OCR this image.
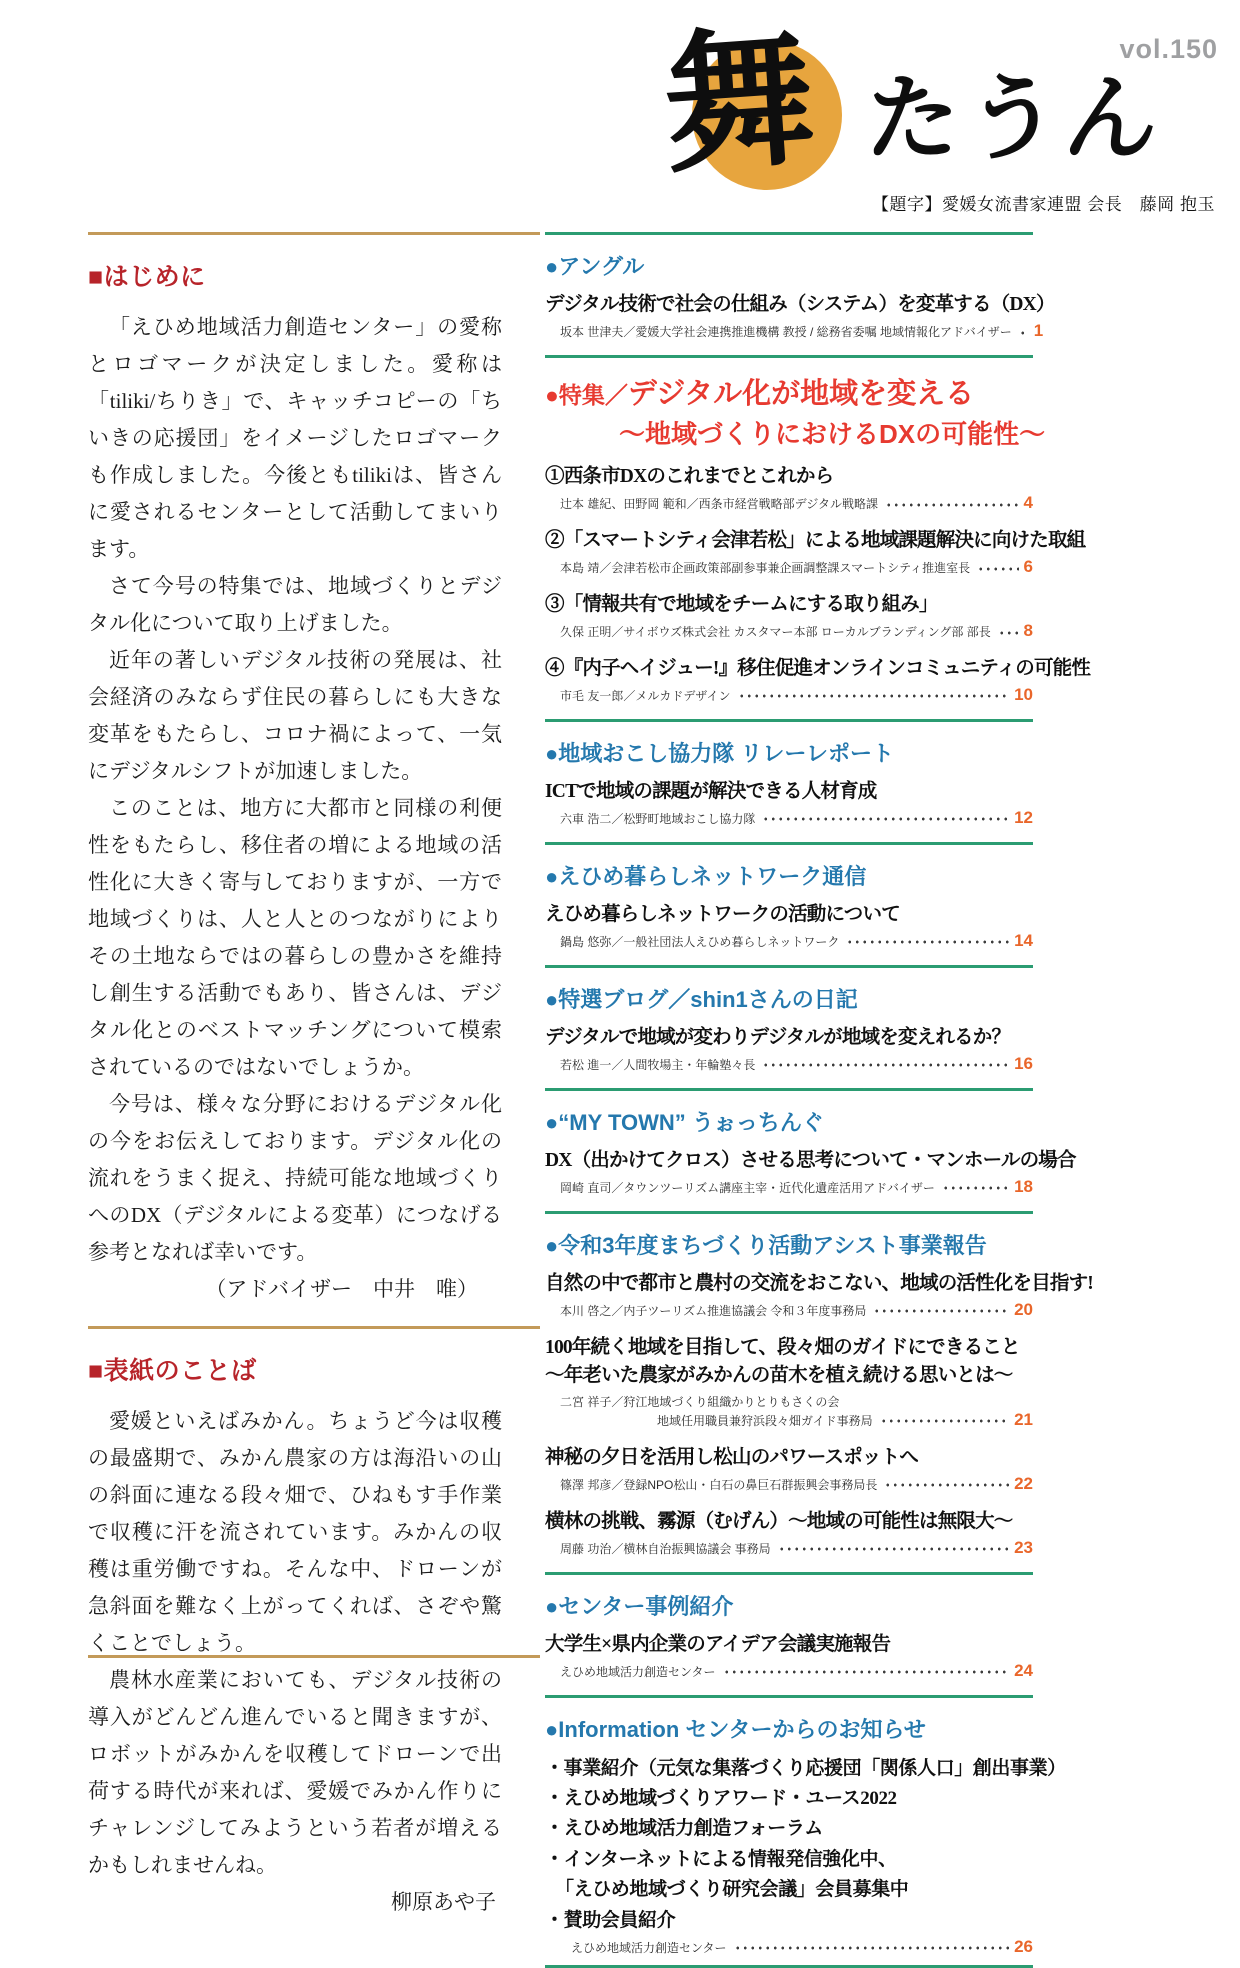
vol.150
舞 たうん
【題字】愛媛女流書家連盟 会長　藤岡 抱玉
■はじめに

「えひめ地域活力創造センター」の愛称とロゴマークが決定しました。愛称は「tiliki/ちりき」で、キャッチコピーの「ちいきの応援団」をイメージしたロゴマークも作成しました。今後ともtilikiは、皆さんに愛されるセンターとして活動してまいります。

さて今号の特集では、地域づくりとデジタル化について取り上げました。

近年の著しいデジタル技術の発展は、社会経済のみならず住民の暮らしにも大きな変革をもたらし、コロナ禍によって、一気にデジタルシフトが加速しました。

このことは、地方に大都市と同様の利便性をもたらし、移住者の増による地域の活性化に大きく寄与しておりますが、一方で地域づくりは、人と人とのつながりによりその土地ならではの暮らしの豊かさを維持し創生する活動でもあり、皆さんは、デジタル化とのベストマッチングについて模索されているのではないでしょうか。

今号は、様々な分野におけるデジタル化の今をお伝えしております。デジタル化の流れをうまく捉え、持続可能な地域づくりへのDX（デジタルによる変革）につなげる参考となれば幸いです。

（アドバイザー　中井　唯）

■表紙のことば

愛媛といえばみかん。ちょうど今は収穫の最盛期で、みかん農家の方は海沿いの山の斜面に連なる段々畑で、ひねもす手作業で収穫に汗を流されています。みかんの収穫は重労働ですね。そんな中、ドローンが急斜面を難なく上がってくれば、さぞや驚くことでしょう。

農林水産業においても、デジタル技術の導入がどんどん進んでいると聞きますが、ロボットがみかんを収穫してドローンで出荷する時代が来れば、愛媛でみかん作りにチャレンジしてみようという若者が増えるかもしれませんね。

柳原あや子

●アングル
デジタル技術で社会の仕組み（システム）を変革する（DX）
坂本 世津夫／愛媛大学社会連携推進機構 教授 / 総務省委嘱 地域情報化アドバイザー 1
●特集／デジタル化が地域を変える
～地域づくりにおけるDXの可能性～
①西条市DXのこれまでとこれから
辻本 雄紀、田野岡 範和／西条市経営戦略部デジタル戦略課	4
②「スマートシティ会津若松」による地域課題解決に向けた取組
本島 靖／会津若松市企画政策部副参事兼企画調整課スマートシティ推進室長	6
③「情報共有で地域をチームにする取り組み」
久保 正明／サイボウズ株式会社 カスタマー本部 ローカルブランディング部 部長 8
④『内子ヘイジュー!』移住促進オンラインコミュニティの可能性
市毛 友一郎／メルカドデザイン	10
●地域おこし協力隊 リレーレポート
ICTで地域の課題が解決できる人材育成
六車 浩二／松野町地域おこし協力隊	12
●えひめ暮らしネットワーク通信
えひめ暮らしネットワークの活動について
鍋島 悠弥／一般社団法人えひめ暮らしネットワーク	14
●特選ブログ／shin1さんの日記
デジタルで地域が変わりデジタルが地域を変えれるか？
若松 進一／人間牧場主・年輪塾々長	16
●“MY TOWN” うぉっちんぐ
DX（出かけてクロス）させる思考について・マンホールの場合
岡崎 直司／タウンツーリズム講座主宰・近代化遺産活用アドバイザー	18
●令和3年度まちづくり活動アシスト事業報告
自然の中で都市と農村の交流をおこない、地域の活性化を目指す!
本川 啓之／内子ツーリズム推進協議会 令和３年度事務局	20
100年続く地域を目指して、段々畑のガイドにできること
～年老いた農家がみかんの苗木を植え続ける思いとは～
二宮 祥子／狩江地域づくり組織かりとりもさくの会
地域任用職員兼狩浜段々畑ガイド事務局	21
神秘の夕日を活用し松山のパワースポットへ
篠澤 邦彦／登録NPO松山・白石の鼻巨石群振興会事務局長	22
横林の挑戦、霧源（むげん）～地域の可能性は無限大～
周藤 功治／横林自治振興協議会 事務局	23
●センター事例紹介
大学生×県内企業のアイデア会議実施報告
えひめ地域活力創造センター	24
●Information センターからのお知らせ
・事業紹介（元気な集落づくり応援団「関係人口」創出事業）
・えひめ地域づくりアワード・ユース2022
・えひめ地域活力創造フォーラム
・インターネットによる情報発信強化中、
「えひめ地域づくり研究会議」会員募集中
・賛助会員紹介
えひめ地域活力創造センター	26
